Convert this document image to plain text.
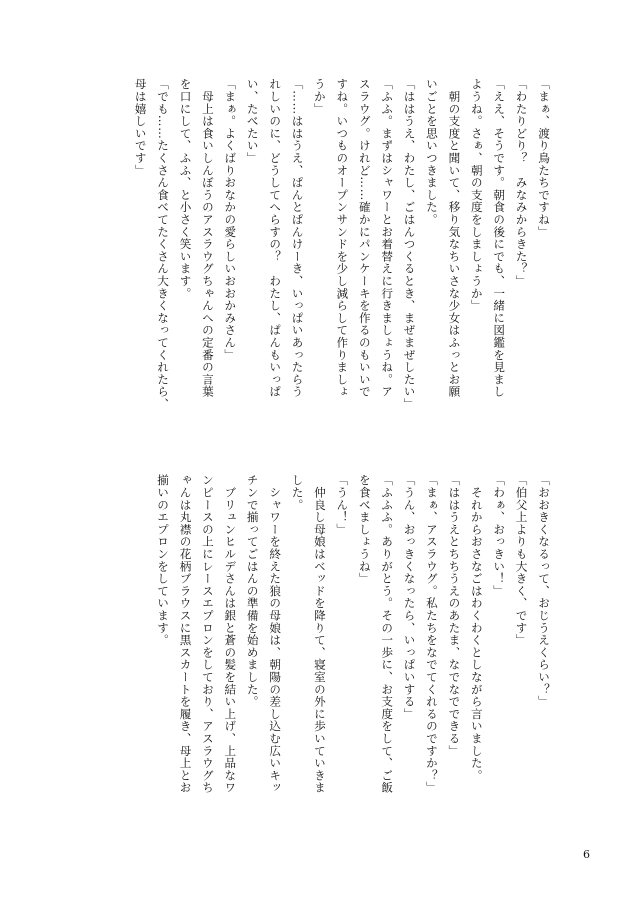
「まぁ、渡り鳥たちですね」
「わたりどり？　みなみからきた？」
「ええ、そうです。朝食の後にでも、一緒に図鑑を見まし
ようね。さぁ、朝の支度をしましょうか」
　朝の支度と聞いて、移り気なちいさな少女はふっとお願
いごとを思いつきました。
「ははうえ、わたし、ごはんつくるとき、まぜまぜしたい」
「ふふ。まずはシャワーとお着替えに行きましょうね。ア
スラウグ。けれど……確かにパンケーキを作るのもいいで
すね。いつものオープンサンドを少し減らして作りましょ
うか」
「……ははうえ、ぱんとぱんけーき、いっぱいあったらう
れしいのに、どうしてへらすの？　わたし、ぱんもいっぱ
い、たべたい」
「まぁ。よくばりおなかの愛らしいおおかみさん」
　母上は食いしんぼうのアスラウグちゃんへの定番の言葉
を口にして、ふふ、と小さく笑います。
「でも……たくさん食べてたくさん大きくなってくれたら、
母は嬉しいです」
「おおきくなるって、おじうえくらい？」
「伯父上よりも大きく、です」
「わぁ、おっきい！」
　それからおさなごはわくわくとしながら言いました。
「ははうえとちちうえのあたま、なでなでできる」
「まぁ、アスラウグ。私たちをなでてくれるのですか？」
「うん、おっきくなったら、いっぱいする」
「ふふふ。ありがとう。その一歩に、お支度をして、ご飯
を食べましょうね」
「うん！」
　仲良し母娘はベッドを降りて、寝室の外に歩いていきま
した。
　シャワーを終えた狼の母娘は、朝陽の差し込む広いキッ
チンで揃ってごはんの準備を始めました。
　ブリュンヒルデさんは銀と蒼の髪を結い上げ、上品なワ
ンピースの上にレースエプロンをしており、アスラウグち
ゃんは丸襟の花柄ブラウスに黒スカートを履き、母上とお
揃いのエプロンをしています。
6
